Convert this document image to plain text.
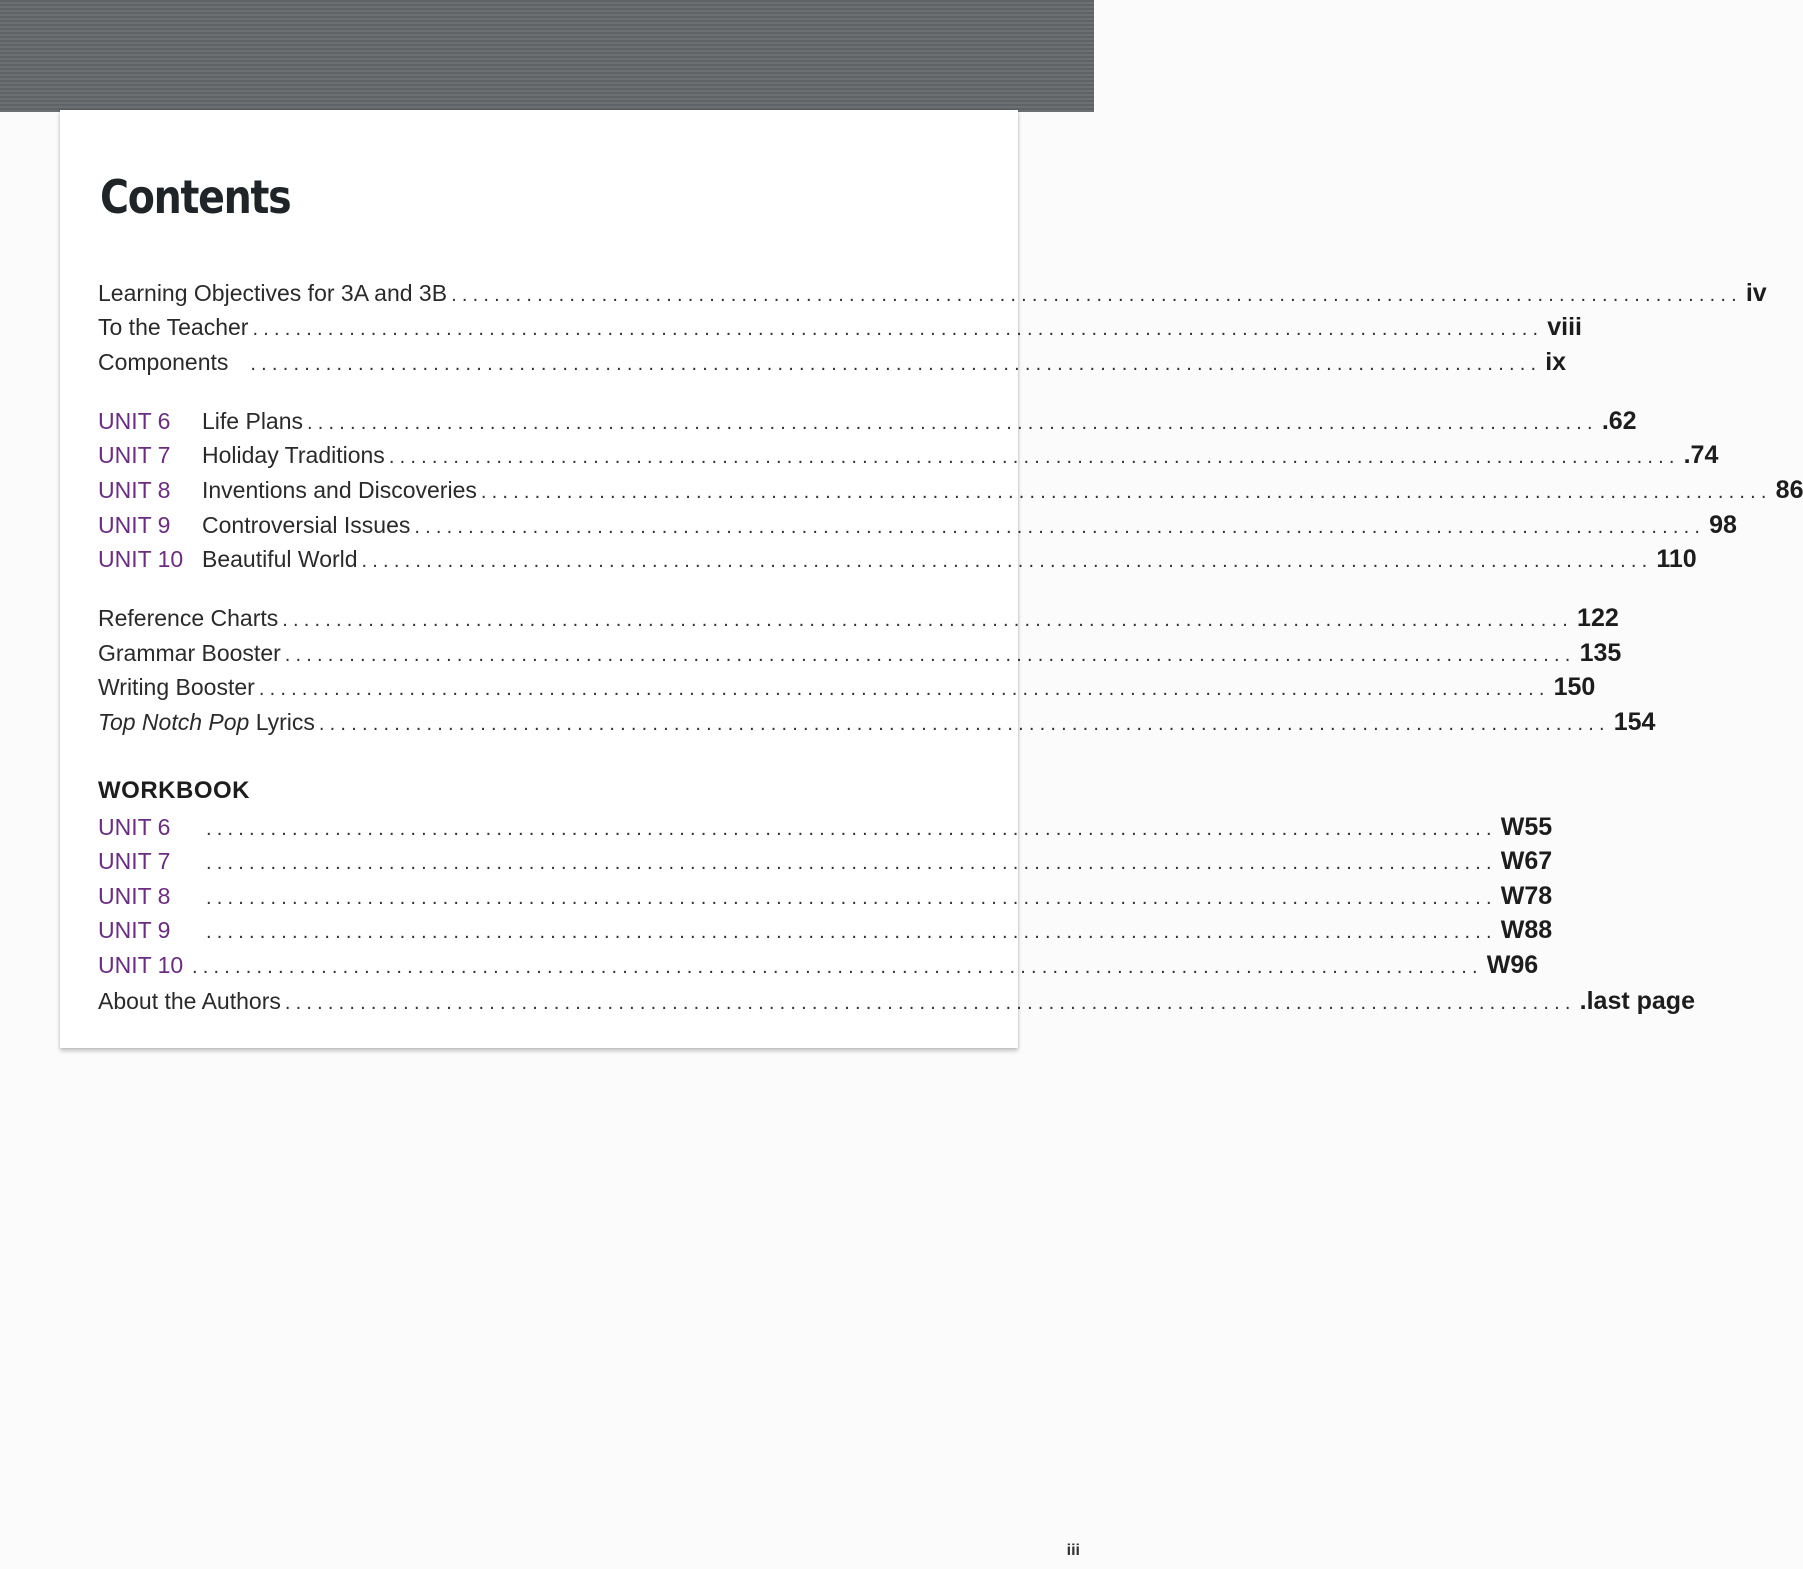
Contents
Learning Objectives for 3A and 3B ........................................................................................................................ iv
To the Teacher ........................................................................................................................ viii
Components ........................................................................................................................ ix
UNIT 6	Life Plans ........................................................................................................................ .62
UNIT 7	Holiday Traditions ........................................................................................................................ .74
UNIT 8	Inventions and Discoveries ........................................................................................................................ 86
UNIT 9	Controversial Issues ........................................................................................................................ 98
UNIT 10 Beautiful World ........................................................................................................................ 110
Reference Charts ........................................................................................................................ 122
Grammar Booster ........................................................................................................................ 135
Writing Booster ........................................................................................................................ 150
Top Notch Pop Lyrics ........................................................................................................................ 154
WORKBOOK
UNIT 6	........................................................................................................................ W55
UNIT 7	........................................................................................................................ W67
UNIT 8	........................................................................................................................ W78
UNIT 9	........................................................................................................................ W88
UNIT 10 ........................................................................................................................ W96
About the Authors ........................................................................................................................ .last page
iii
